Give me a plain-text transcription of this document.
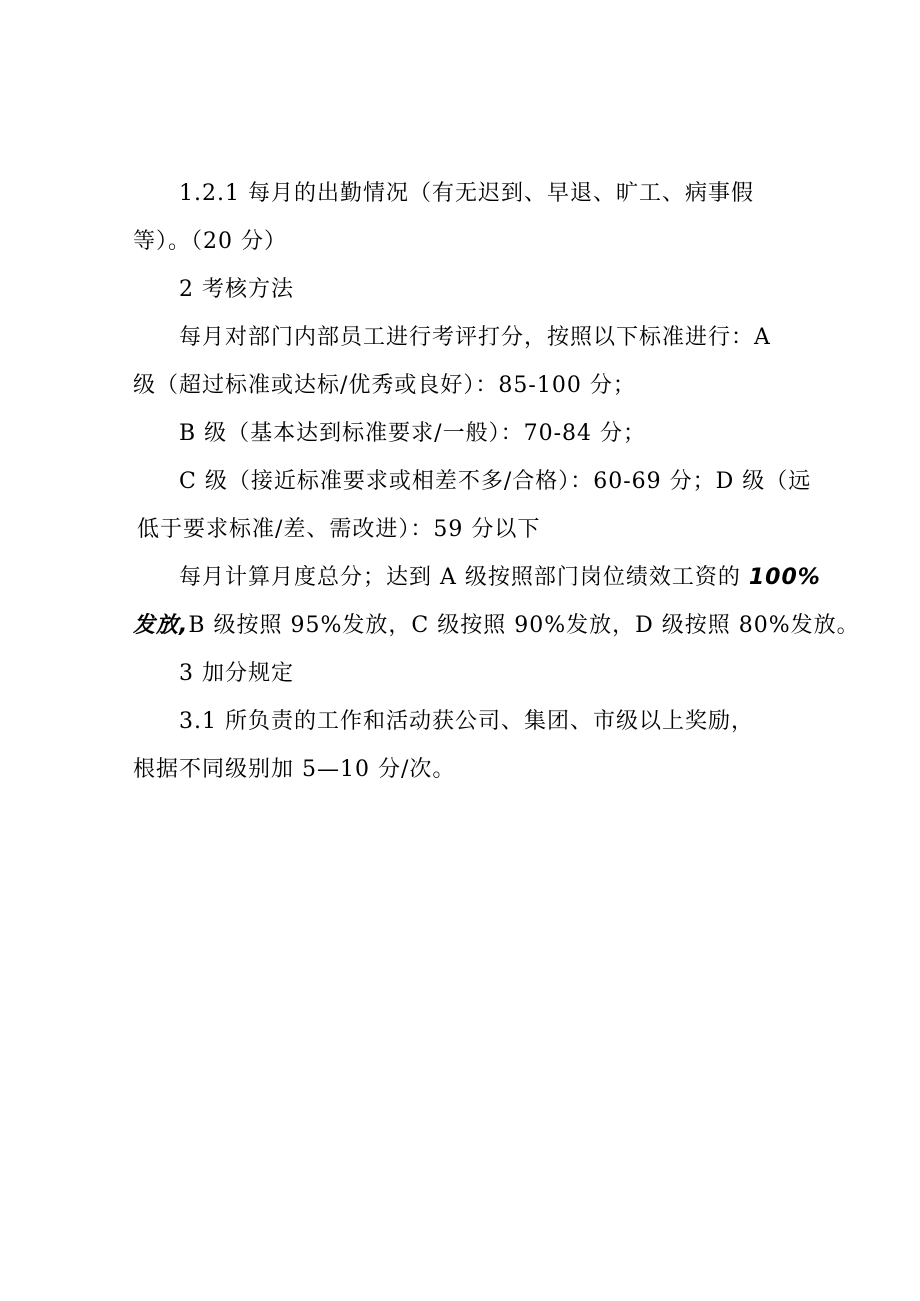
1.2.1 每月的出勤情况（有无迟到、早退、旷工、病事假
等）。（20 分）
2 考核方法
每月对部门内部员工进行考评打分，按照以下标准进行：A
级（超过标准或达标/优秀或良好）：85-100 分；
B 级（基本达到标准要求/一般）：70-84 分；
C 级（接近标准要求或相差不多/合格）：60-69 分；D 级（远
低于要求标准/差、需改进）：59 分以下
每月计算月度总分；达到 A 级按照部门岗位绩效工资的 100%
发放,B 级按照 95%发放，C 级按照 90%发放，D 级按照 80%发放。
3 加分规定
3.1 所负责的工作和活动获公司、集团、市级以上奖励，
根据不同级别加 5—10 分/次。
